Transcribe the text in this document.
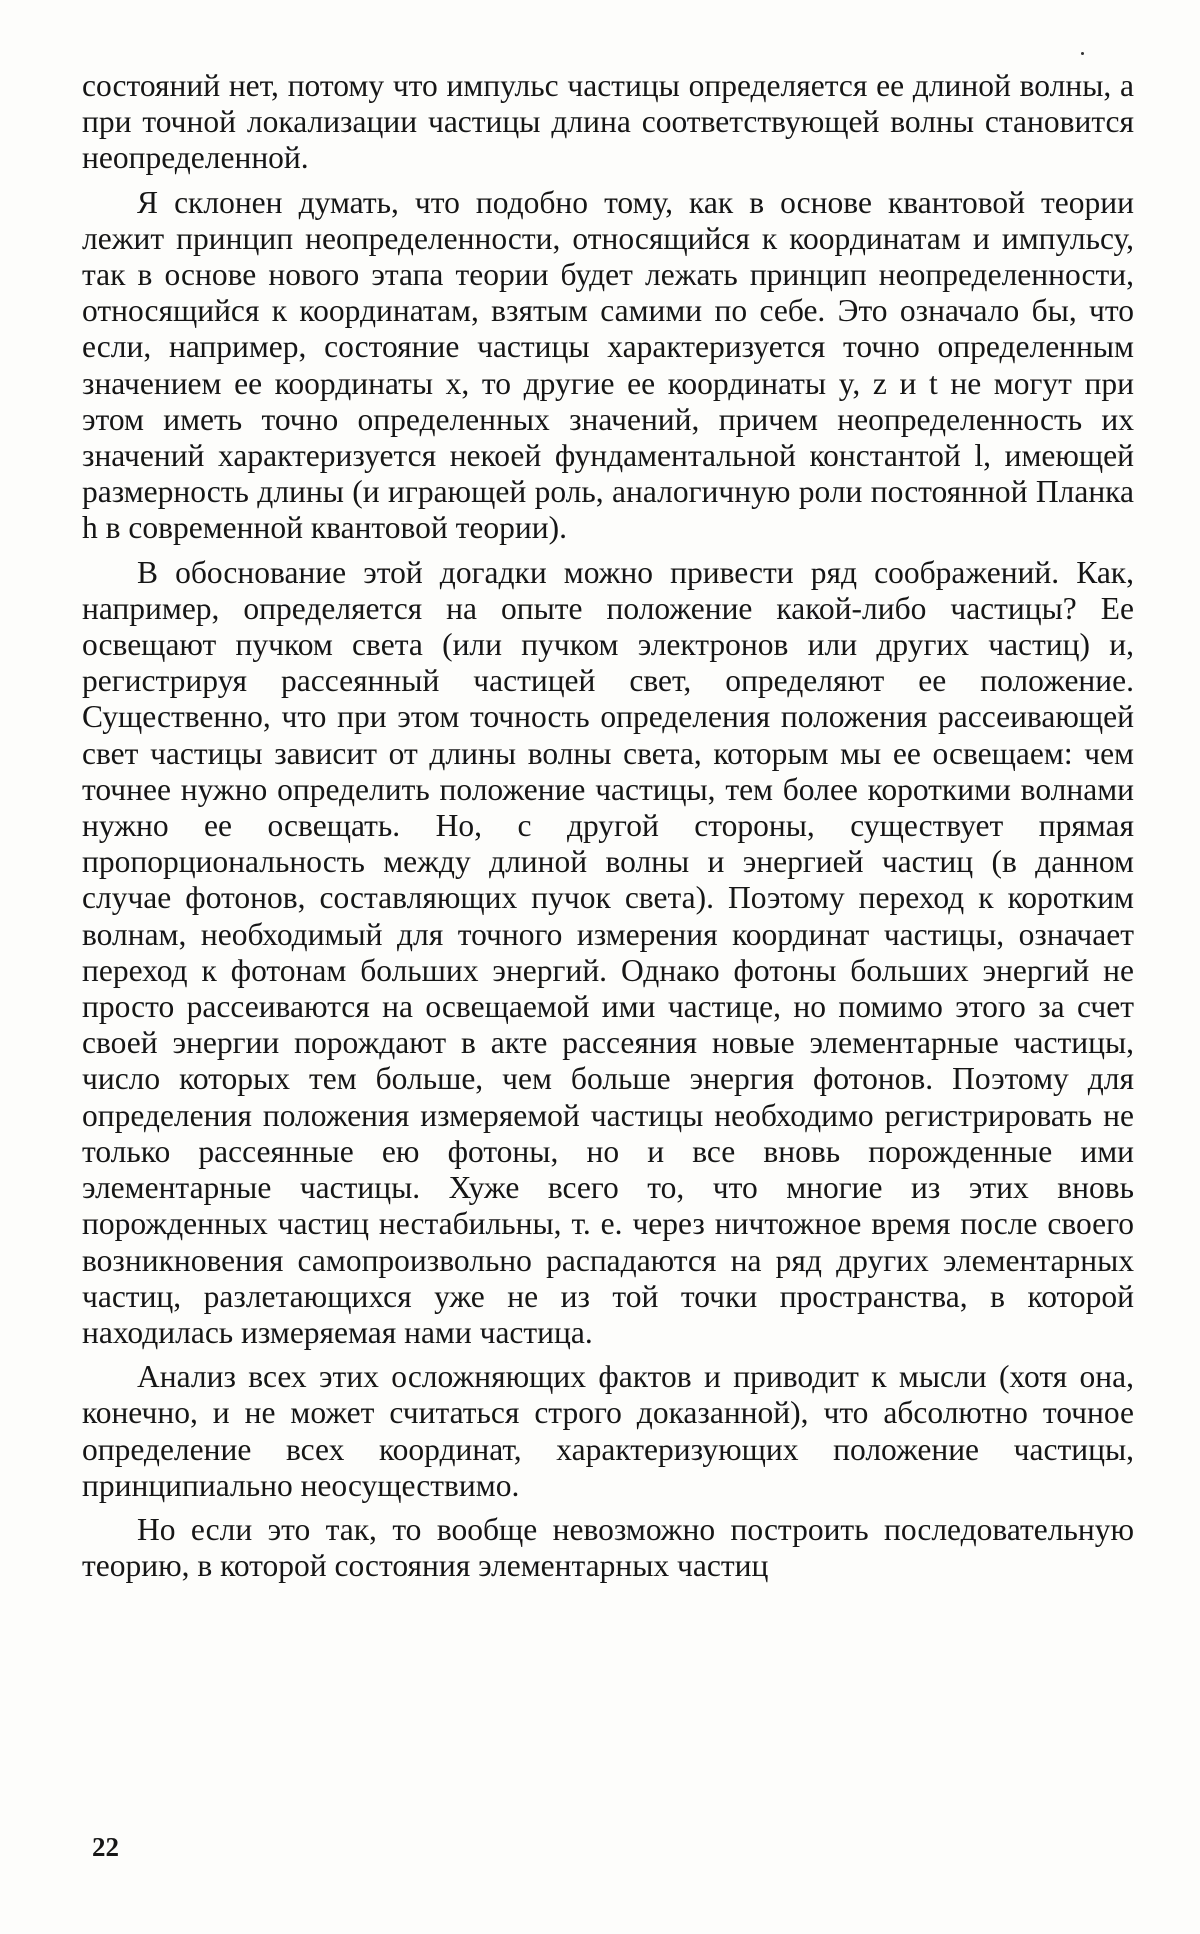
состояний нет, потому что импульс частицы определяется ее длиной волны, а при точной локализации частицы длина соответствующей волны становится неопределенной.

Я склонен думать, что подобно тому, как в основе квантовой теории лежит принцип неопределенности, относящийся к координатам и импульсу, так в основе нового этапа теории будет лежать принцип неопределенности, относящийся к координатам, взятым самими по себе. Это означало бы, что если, например, состояние частицы характеризуется точно определенным значением ее координаты x, то другие ее координаты y, z и t не могут при этом иметь точно определенных значений, причем неопределенность их значений характеризуется некоей фундаментальной константой l, имеющей размерность длины (и играющей роль, аналогичную роли постоянной Планка h в современной квантовой теории).

В обоснование этой догадки можно привести ряд соображений. Как, например, определяется на опыте положение какой-либо частицы? Ее освещают пучком света (или пучком электронов или других частиц) и, регистрируя рассеянный частицей свет, определяют ее положение. Существенно, что при этом точность определения положения рассеивающей свет частицы зависит от длины волны света, которым мы ее освещаем: чем точнее нужно определить положение частицы, тем более короткими волнами нужно ее освещать. Но, с другой стороны, существует прямая пропорциональность между длиной волны и энергией частиц (в данном случае фотонов, составляющих пучок света). Поэтому переход к коротким волнам, необходимый для точного измерения координат частицы, означает переход к фотонам больших энергий. Однако фотоны больших энергий не просто рассеиваются на освещаемой ими частице, но помимо этого за счет своей энергии порождают в акте рассеяния новые элементарные частицы, число которых тем больше, чем больше энергия фотонов. Поэтому для определения положения измеряемой частицы необходимо регистрировать не только рассеянные ею фотоны, но и все вновь порожденные ими элементарные частицы. Хуже всего то, что многие из этих вновь порожденных частиц нестабильны, т. е. через ничтожное время после своего возникновения самопроизвольно распадаются на ряд других элементарных частиц, разлетающихся уже не из той точки пространства, в которой находилась измеряемая нами частица.

Анализ всех этих осложняющих фактов и приводит к мысли (хотя она, конечно, и не может считаться строго доказанной), что абсолютно точное определение всех координат, характеризующих положение частицы, принципиально неосуществимо.

Но если это так, то вообще невозможно построить последовательную теорию, в которой состояния элементарных частиц

22
